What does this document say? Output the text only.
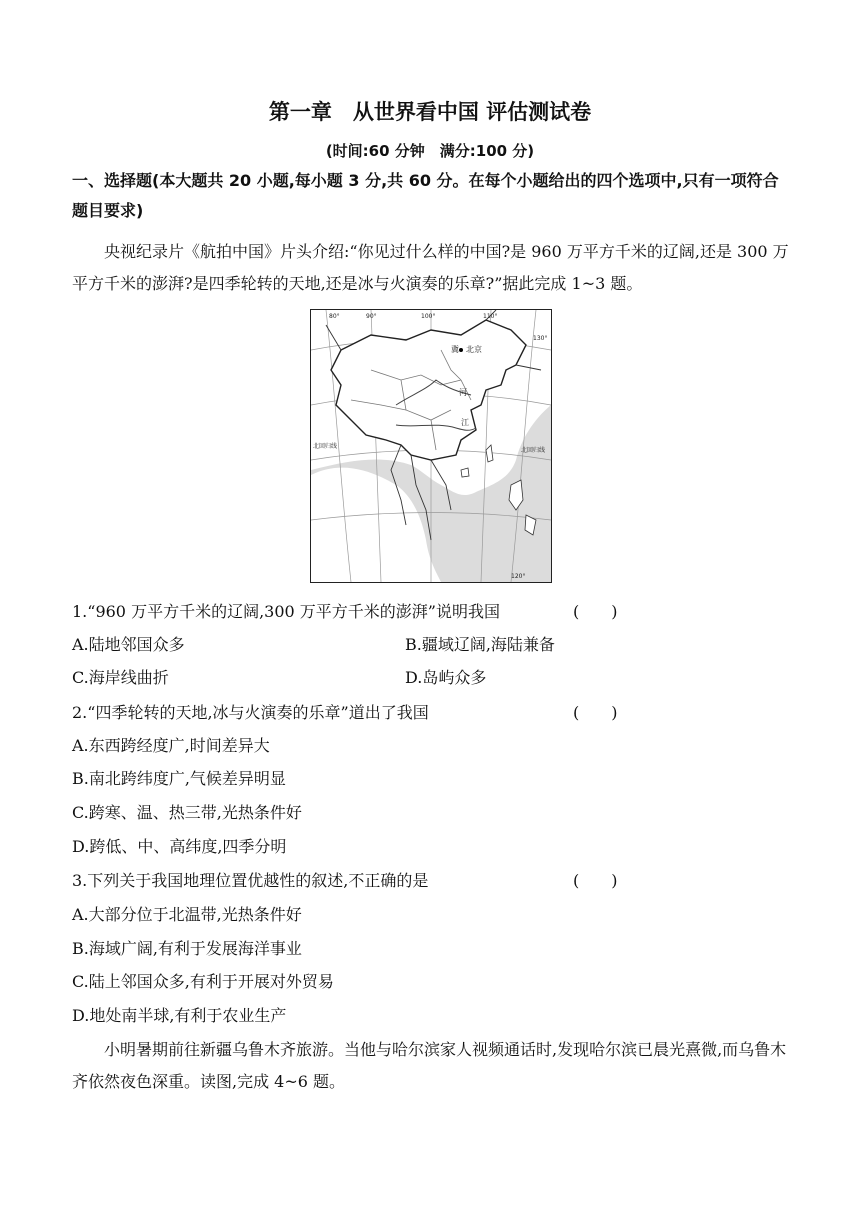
第一章　从世界看中国 评估测试卷
(时间:60 分钟　满分:100 分)
一、选择题(本大题共 20 小题,每小题 3 分,共 60 分。在每个小题给出的四个选项中,只有一项符合题目要求)
央视纪录片《航拍中国》片头介绍:“你见过什么样的中国?是 960 万平方千米的辽阔,还是 300 万平方千米的澎湃?是四季轮转的天地,还是冰与火演奏的乐章?”据此完成 1~3 题。
北京
冀
河
江
北回归线
北回归线
80°	90°	100°	110°
120°
130°
1.“960 万平方千米的辽阔,300 万平方千米的澎湃”说明我国	(　　)
A.陆地邻国众多	B.疆域辽阔,海陆兼备
C.海岸线曲折	D.岛屿众多
2.“四季轮转的天地,冰与火演奏的乐章”道出了我国	(　　)
A.东西跨经度广,时间差异大
B.南北跨纬度广,气候差异明显
C.跨寒、温、热三带,光热条件好
D.跨低、中、高纬度,四季分明
3.下列关于我国地理位置优越性的叙述,不正确的是	(　　)
A.大部分位于北温带,光热条件好
B.海域广阔,有利于发展海洋事业
C.陆上邻国众多,有利于开展对外贸易
D.地处南半球,有利于农业生产
小明暑期前往新疆乌鲁木齐旅游。当他与哈尔滨家人视频通话时,发现哈尔滨已晨光熹微,而乌鲁木齐依然夜色深重。读图,完成 4~6 题。
